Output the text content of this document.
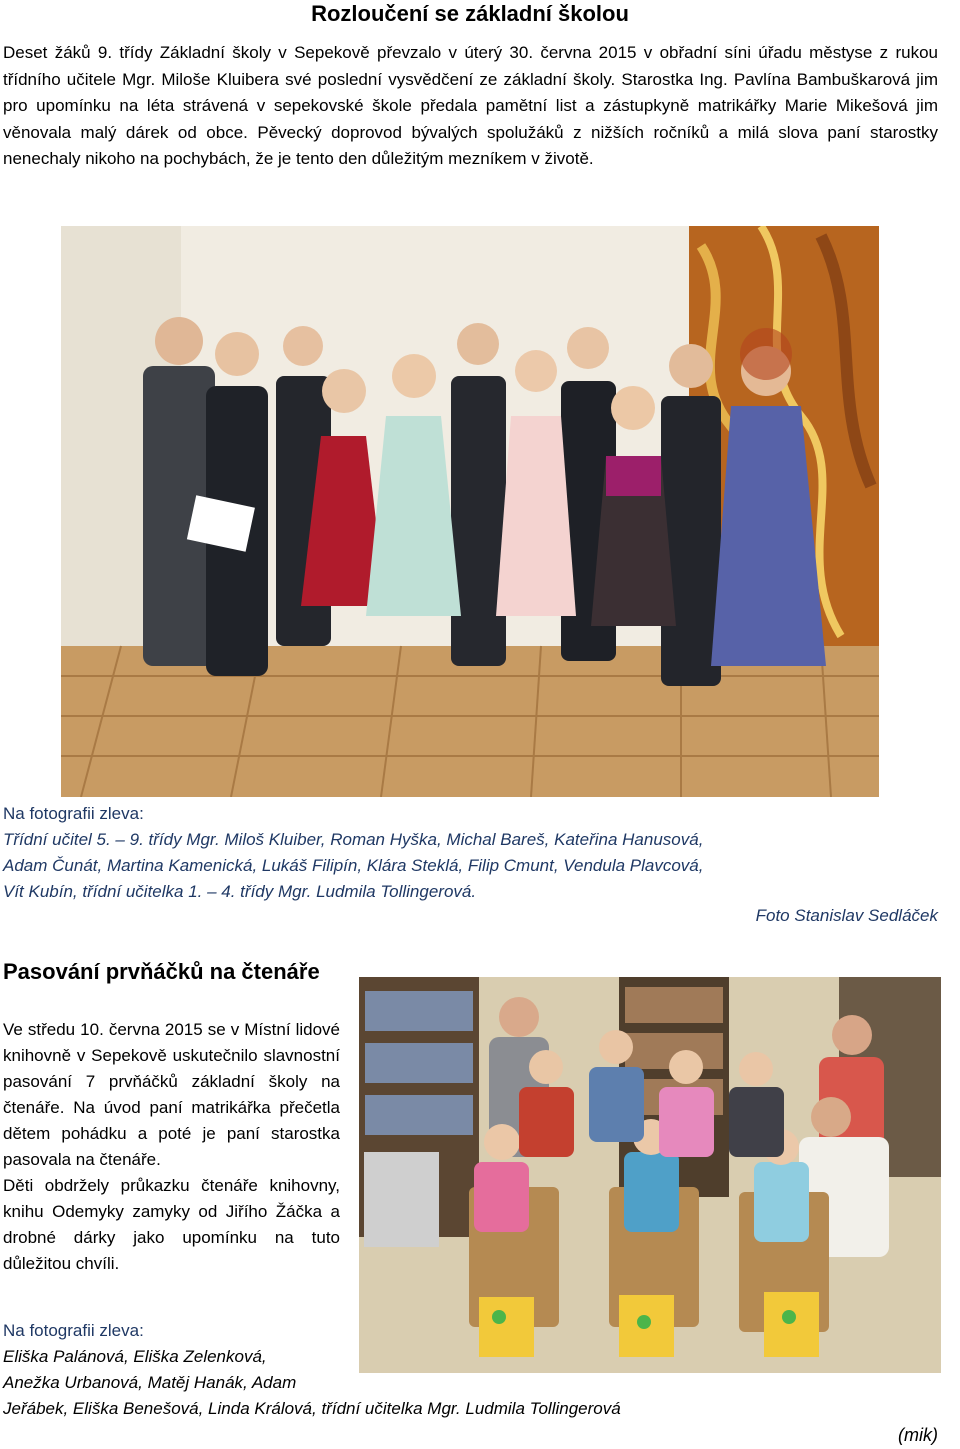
Rozloučení se základní školou
Deset žáků 9. třídy Základní školy v Sepekově převzalo v úterý 30. června 2015 v obřadní síni úřadu městyse z rukou třídního učitele Mgr. Miloše Kluibera své poslední vysvědčení ze základní školy. Starostka Ing. Pavlína Bambuškarová jim pro upomínku na léta strávená v sepekovské škole předala pamětní list a zástupkyně matrikářky Marie Mikešová jim věnovala malý dárek od obce. Pěvecký doprovod bývalých spolužáků z nižších ročníků a milá slova paní starostky nenechaly nikoho na pochybách, že je tento den důležitým mezníkem v životě.
Na fotografii zleva:
Třídní učitel 5. – 9. třídy Mgr. Miloš Kluiber, Roman Hyška, Michal Bareš, Kateřina Hanusová,
Adam Čunát, Martina Kamenická, Lukáš Filipín, Klára Steklá, Filip Cmunt, Vendula Plavcová,
Vít Kubín, třídní učitelka 1. – 4. třídy Mgr. Ludmila Tollingerová.
Foto Stanislav Sedláček
Pasování prvňáčků na čtenáře
Ve středu 10. června 2015 se v Místní lidové knihovně v Sepekově uskutečnilo slavnostní pasování 7 prvňáčků základní školy na čtenáře. Na úvod paní matrikářka přečetla dětem pohádku a poté je paní starostka pasovala na čtenáře.
Děti obdržely průkazku čtenáře knihovny, knihu Odemyky zamyky od Jiřího Žáčka a drobné dárky jako upomínku na tuto důležitou chvíli.
Na fotografii zleva:
Eliška Palánová, Eliška Zelenková,
Anežka Urbanová, Matěj Hanák, Adam
Jeřábek, Eliška Benešová, Linda Králová, třídní učitelka Mgr. Ludmila Tollingerová
(mik)
